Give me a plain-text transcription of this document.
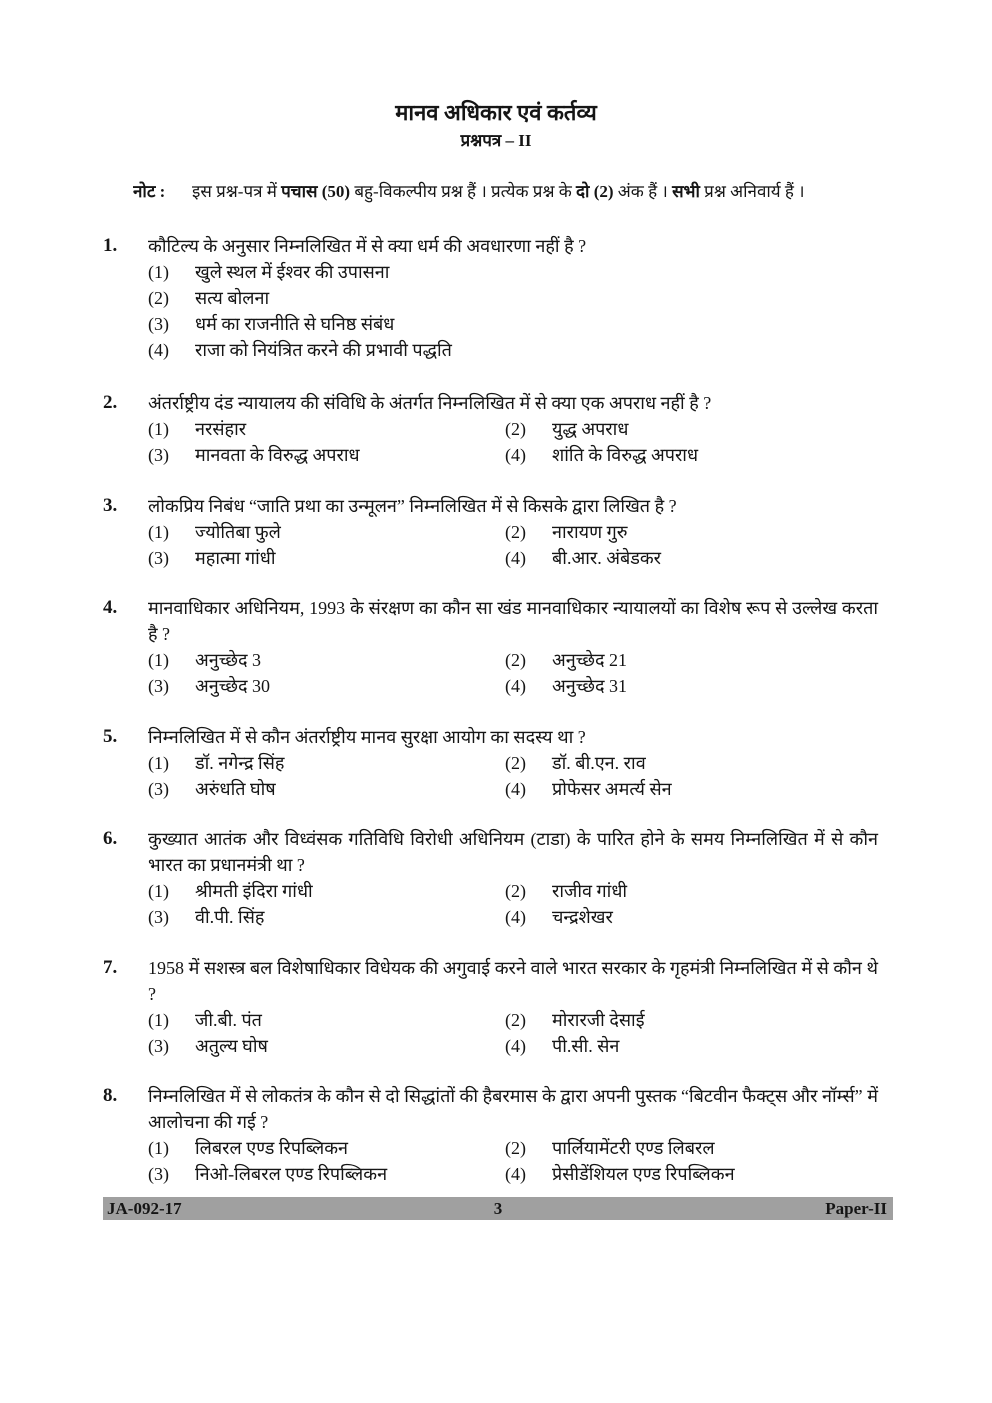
मानव अधिकार एवं कर्तव्य
प्रश्नपत्र – II
नोट : इस प्रश्न-पत्र में पचास (50) बहु-विकल्पीय प्रश्न हैं । प्रत्येक प्रश्न के दो (2) अंक हैं । सभी प्रश्न अनिवार्य हैं ।
1. कौटिल्य के अनुसार निम्नलिखित में से क्या धर्म की अवधारणा नहीं है ?
(1)	खुले स्थल में ईश्वर की उपासना
(2)	सत्य बोलना
(3)	धर्म का राजनीति से घनिष्ठ संबंध
(4)	राजा को नियंत्रित करने की प्रभावी पद्धति
2. अंतर्राष्ट्रीय दंड न्यायालय की संविधि के अंतर्गत निम्नलिखित में से क्या एक अपराध नहीं है ?
(1)	नरसंहार	(2)	युद्ध अपराध
(3)	मानवता के विरुद्ध अपराध	(4)	शांति के विरुद्ध अपराध
3. लोकप्रिय निबंध “जाति प्रथा का उन्मूलन” निम्नलिखित में से किसके द्वारा लिखित है ?
(1)	ज्योतिबा फुले	(2)	नारायण गुरु
(3)	महात्मा गांधी	(4)	बी.आर. अंबेडकर
4. मानवाधिकार अधिनियम, 1993 के संरक्षण का कौन सा खंड मानवाधिकार न्यायालयों का विशेष रूप से उल्लेख करता है ?
(1)	अनुच्छेद 3	(2)	अनुच्छेद 21
(3)	अनुच्छेद 30	(4)	अनुच्छेद 31
5. निम्नलिखित में से कौन अंतर्राष्ट्रीय मानव सुरक्षा आयोग का सदस्य था ?
(1)	डॉ. नगेन्द्र सिंह	(2)	डॉ. बी.एन. राव
(3)	अरुंधति घोष	(4)	प्रोफेसर अमर्त्य सेन
6. कुख्यात आतंक और विध्वंसक गतिविधि विरोधी अधिनियम (टाडा) के पारित होने के समय निम्नलिखित में से कौन भारत का प्रधानमंत्री था ?
(1)	श्रीमती इंदिरा गांधी	(2)	राजीव गांधी
(3)	वी.पी. सिंह	(4)	चन्द्रशेखर
7. 1958 में सशस्त्र बल विशेषाधिकार विधेयक की अगुवाई करने वाले भारत सरकार के गृहमंत्री निम्नलिखित में से कौन थे ?
(1)	जी.बी. पंत	(2)	मोरारजी देसाई
(3)	अतुल्य घोष	(4)	पी.सी. सेन
8. निम्नलिखित में से लोकतंत्र के कौन से दो सिद्धांतों की हैबरमास के द्वारा अपनी पुस्तक “बिटवीन फैक्ट्स और नॉर्म्स” में आलोचना की गई ?
(1)	लिबरल एण्ड रिपब्लिकन	(2)	पार्लियामेंटरी एण्ड लिबरल
(3)	निओ-लिबरल एण्ड रिपब्लिकन	(4)	प्रेसीडेंशियल एण्ड रिपब्लिकन
JA-092-17	3	Paper-II
